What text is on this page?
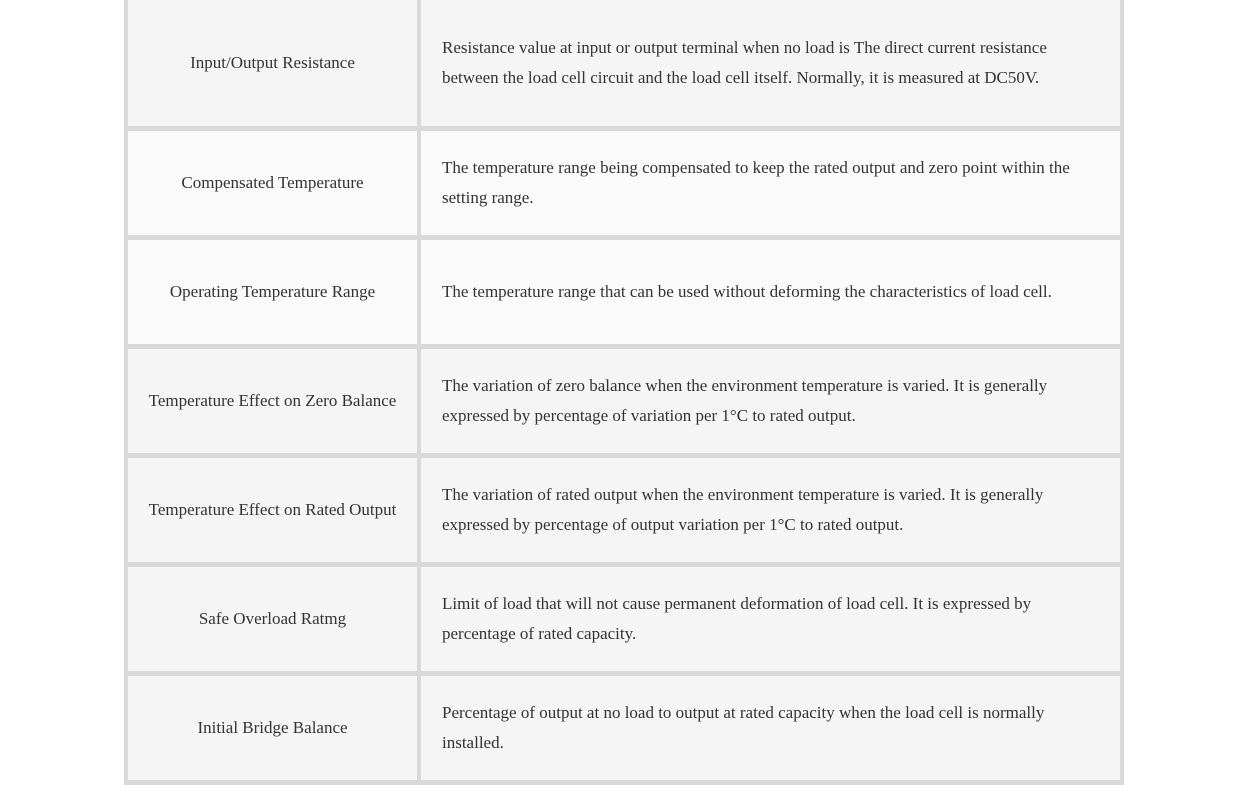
Input/Output Resistance	Resistance value at input or output terminal when no load is The direct current resistance between the load cell circuit and the load cell itself. Normally, it is measured at DC50V.
Compensated Temperature	The temperature range being compensated to keep the rated output and zero point within the setting range.
Operating Temperature Range	The temperature range that can be used without deforming the characteristics of load cell.
Temperature Effect on Zero Balance	The variation of zero balance when the environment temperature is varied. It is generally expressed by percentage of variation per 1°C to rated output.
Temperature Effect on Rated Output	The variation of rated output when the environment temperature is varied. It is generally expressed by percentage of output variation per 1°C to rated output.
Safe Overload Ratmg	Limit of load that will not cause permanent deformation of load cell. It is expressed by percentage of rated capacity.
Initial Bridge Balance	Percentage of output at no load to output at rated capacity when the load cell is normally installed.
